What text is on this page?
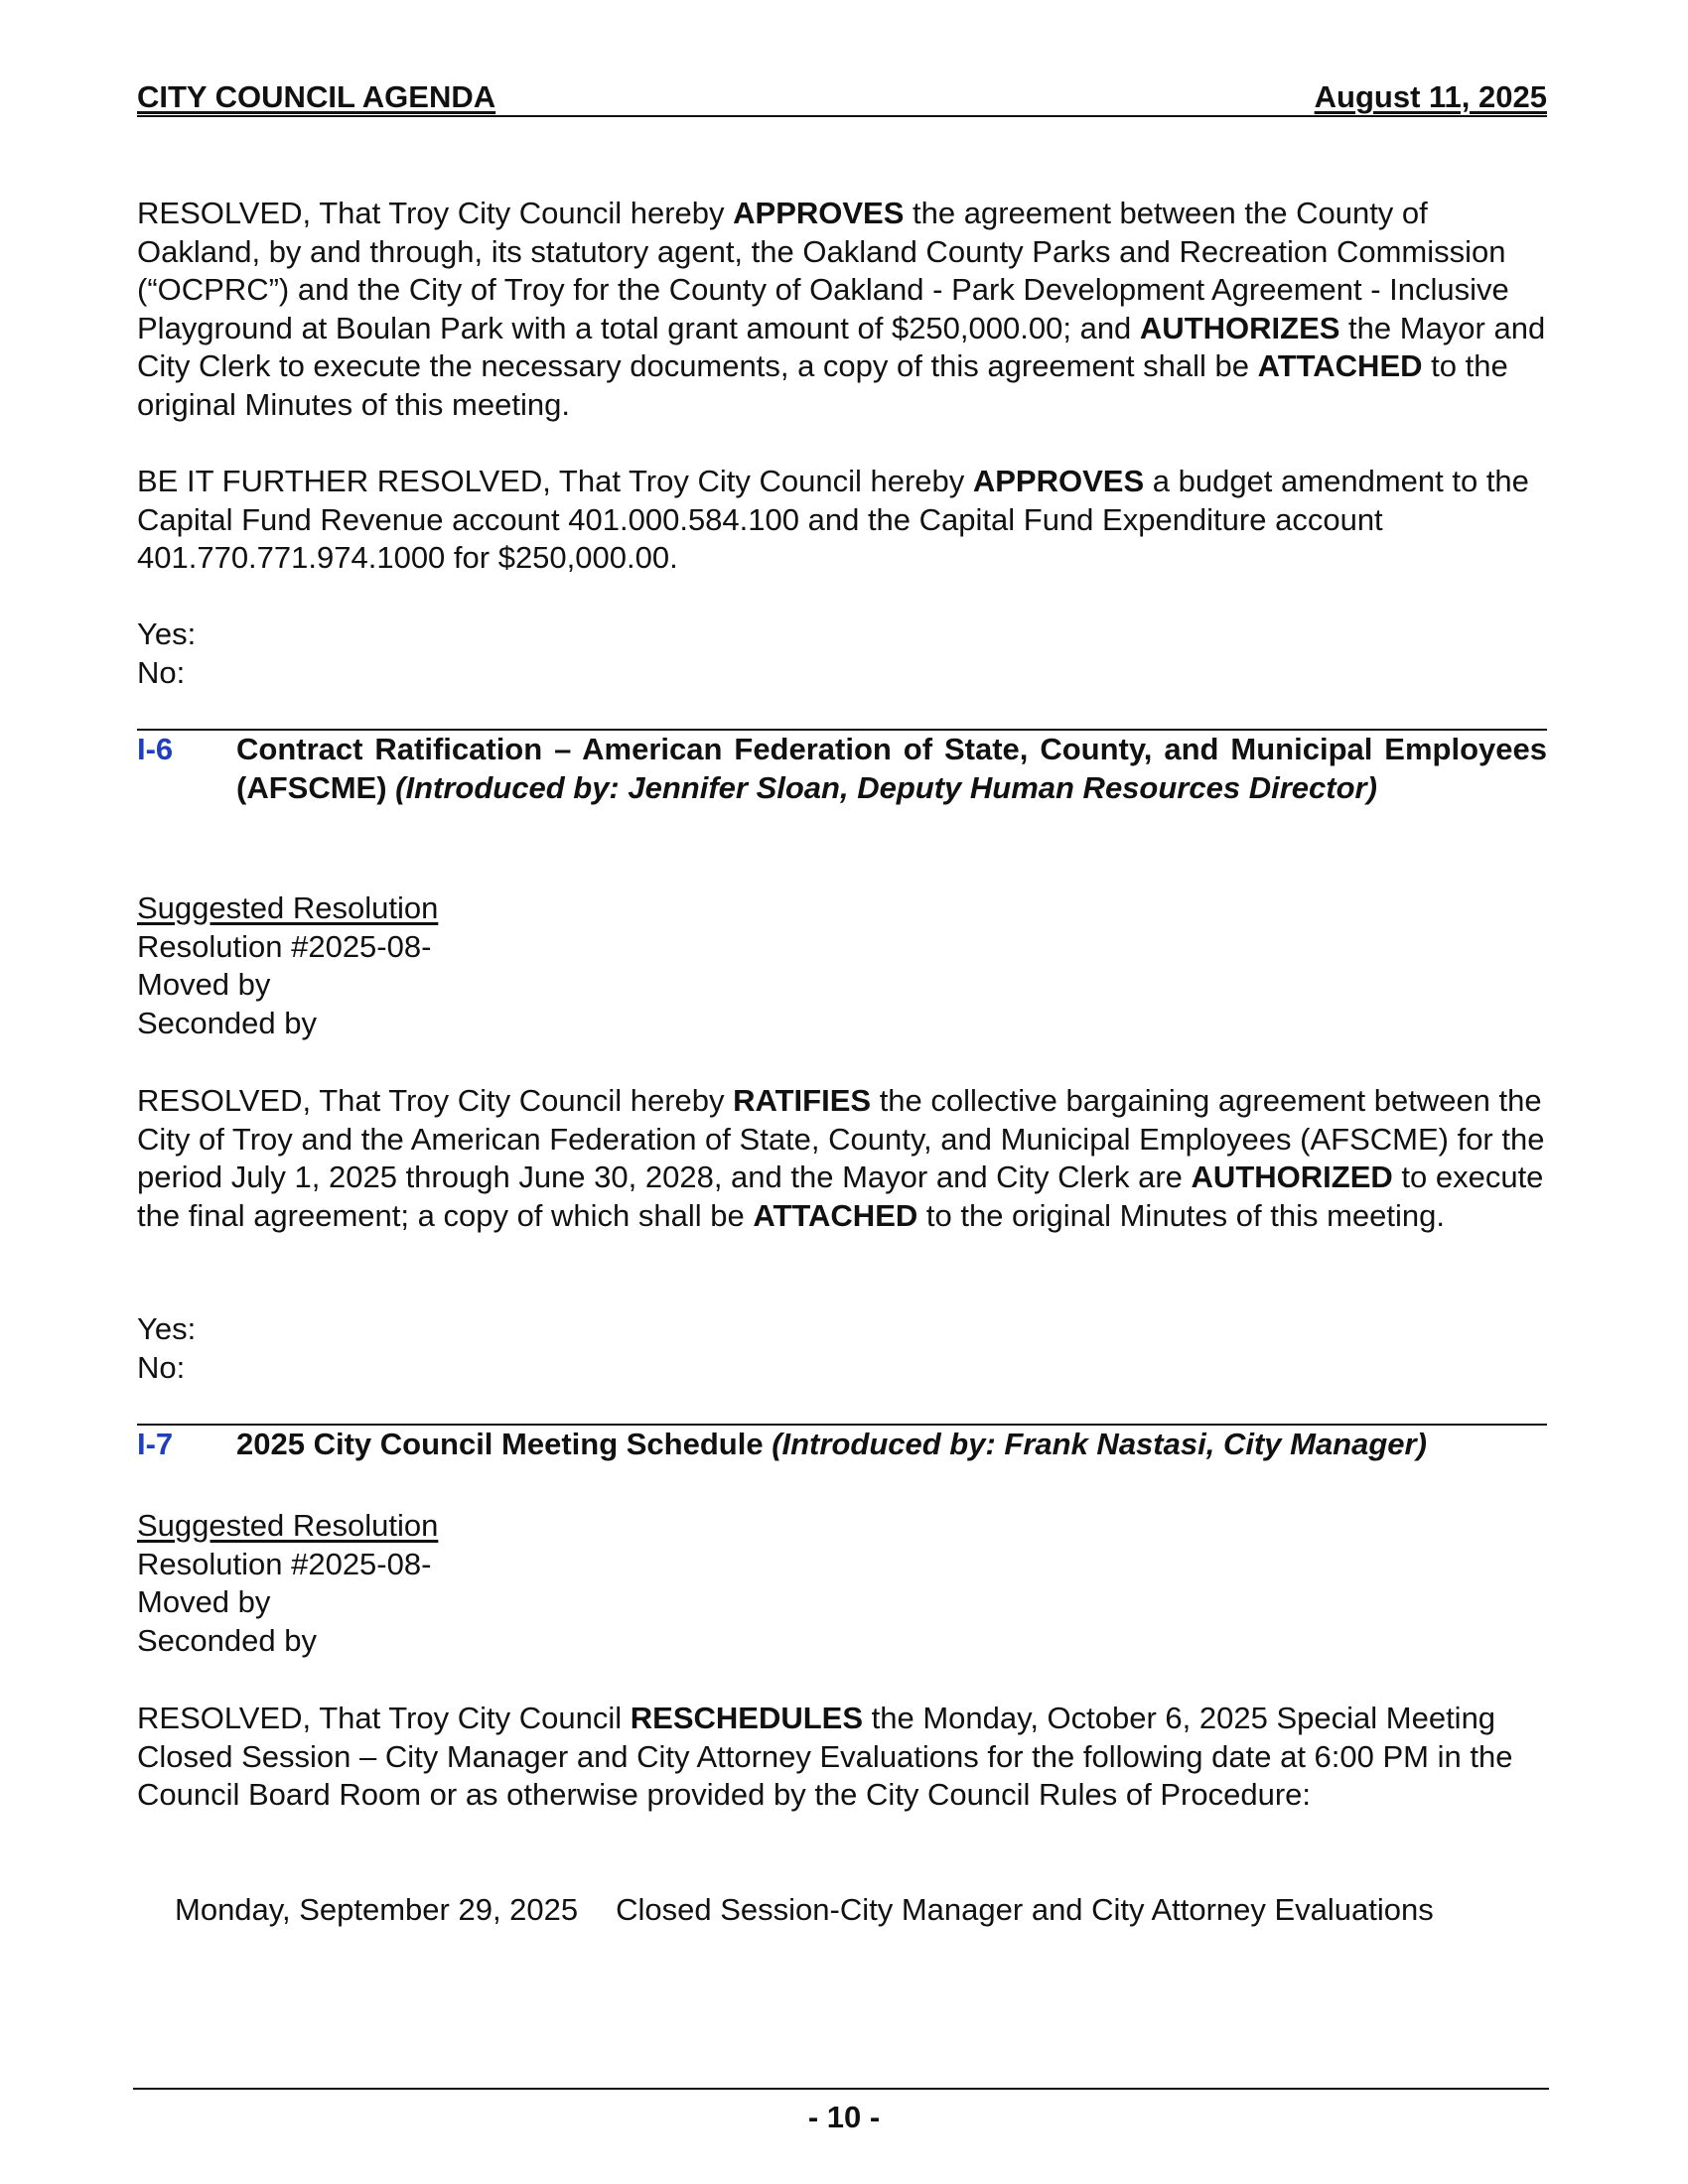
CITY COUNCIL AGENDA	August 11, 2025

RESOLVED, That Troy City Council hereby APPROVES the agreement between the County of Oakland, by and through, its statutory agent, the Oakland County Parks and Recreation Commission (“OCPRC”) and the City of Troy for the County of Oakland - Park Development Agreement - Inclusive Playground at Boulan Park with a total grant amount of $250,000.00; and AUTHORIZES the Mayor and City Clerk to execute the necessary documents, a copy of this agreement shall be ATTACHED to the original Minutes of this meeting.

BE IT FURTHER RESOLVED, That Troy City Council hereby APPROVES a budget amendment to the Capital Fund Revenue account 401.000.584.100 and the Capital Fund Expenditure account 401.770.771.974.1000 for $250,000.00.

Yes:

No:

I-6	Contract Ratification – American Federation of State, County, and Municipal Employees (AFSCME) (Introduced by: Jennifer Sloan, Deputy Human Resources Director)

Suggested Resolution

Resolution #2025-08-

Moved by

Seconded by

RESOLVED, That Troy City Council hereby RATIFIES the collective bargaining agreement between the City of Troy and the American Federation of State, County, and Municipal Employees (AFSCME) for the period July 1, 2025 through June 30, 2028, and the Mayor and City Clerk are AUTHORIZED to execute the final agreement; a copy of which shall be ATTACHED to the original Minutes of this meeting.

Yes:

No:

I-7	2025 City Council Meeting Schedule (Introduced by: Frank Nastasi, City Manager)

Suggested Resolution

Resolution #2025-08-

Moved by

Seconded by

RESOLVED, That Troy City Council RESCHEDULES the Monday, October 6, 2025 Special Meeting Closed Session – City Manager and City Attorney Evaluations for the following date at 6:00 PM in the Council Board Room or as otherwise provided by the City Council Rules of Procedure:

Monday, September 29, 2025 Closed Session-City Manager and City Attorney Evaluations
- 10 -
